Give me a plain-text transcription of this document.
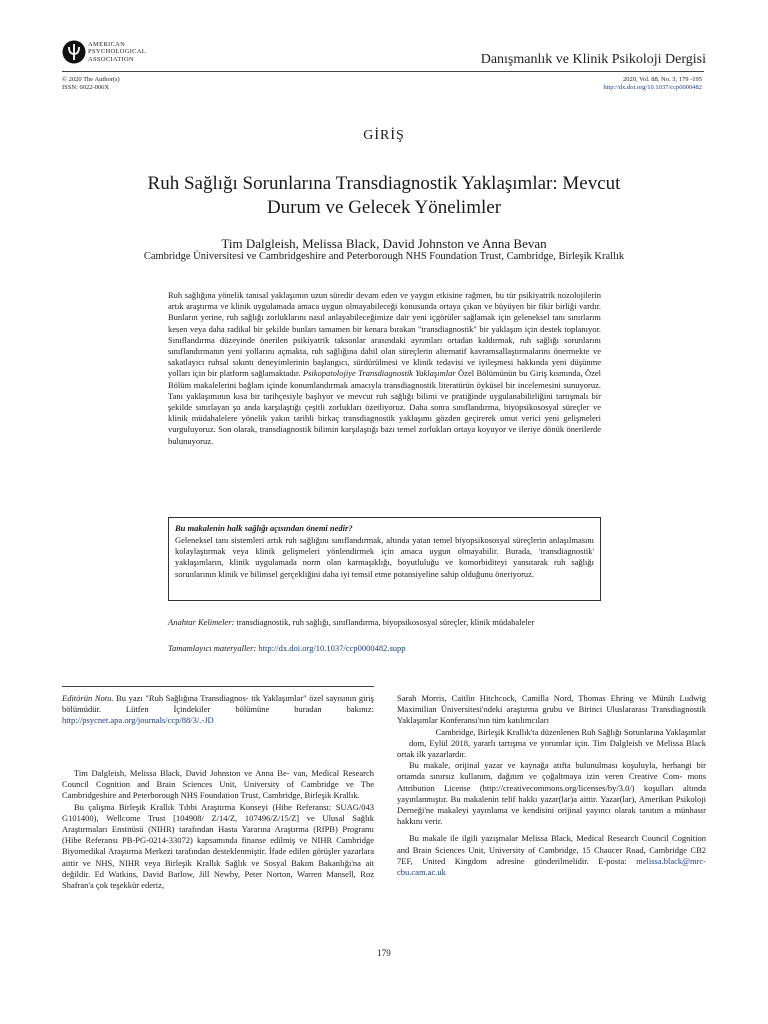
AMERICAN
PSYCHOLOGICAL
ASSOCIATION	Danışmanlık ve Klinik Psikoloji Dergisi
© 2020 The Author(s)
ISSN: 0022-006X
2020, Vol. 88, No. 3, 179 -195
http://dx.doi.org/10.1037/ccp0000482
GİRİŞ
Ruh Sağlığı Sorunlarına Transdiagnostik Yaklaşımlar: Mevcut
Durum ve Gelecek Yönelimler
Tim Dalgleish, Melissa Black, David Johnston ve Anna Bevan
Cambridge Üniversitesi ve Cambridgeshire and Peterborough NHS Foundation Trust, Cambridge, Birleşik Krallık
Ruh sağlığına yönelik tanısal yaklaşımın uzun süredir devam eden ve yaygın etkisine rağmen, bu tür psikiyatrik nozolojilerin artık araştırma ve klinik uygulamada amaca uygun olmayabileceği konusunda ortaya çıkan ve büyüyen bir fikir birliği vardır. Bunların yerine, ruh sağlığı zorluklarını nasıl anlayabileceğimize dair yeni içgörüler sağlamak için geleneksel tanı sınırlarını kesen veya daha radikal bir şekilde bunları tamamen bir kenara bırakan "transdiagnostik" bir yaklaşım için destek toplanıyor. Sınıflandırma düzeyinde önerilen psikiyatrik taksonlar arasındaki ayrımları ortadan kaldırmak, ruh sağlığı sorunlarını sınıflandırmanın yeni yollarını açmakta, ruh sağlığına dahil olan süreçlerin alternatif kavramsallaştırmalarını önermekte ve sakatlayıcı ruhsal sıkıntı deneyimlerinin başlangıcı, sürdürülmesi ve klinik tedavisi ve iyileşmesi hakkında yeni düşünme yolları için bir platform sağlamaktadır. Psikopatolojiye Transdiagnostik Yaklaşımlar Özel Bölümünün bu Giriş kısmında, Özel Bölüm makalelerini bağlam içinde konumlandırmak amacıyla transdiagnostik literatürün öyküsel bir incelemesini sunuyoruz. Tanı yaklaşımının kısa bir tarihçesiyle başlıyor ve mevcut ruh sağlığı bilimi ve pratiğinde uygulanabilirliğini tartışmalı bir şekilde sınırlayan şu anda karşılaştığı çeşitli zorlukları özetliyoruz. Daha sonra sınıflandırma, biyopsikososyal süreçler ve klinik müdahalelere yönelik yakın tarihli birkaç transdiagnostik yaklaşımı gözden geçirerek umut verici yeni gelişmeleri vurguluyoruz. Son olarak, transdiagnostik bilimin karşılaştığı bazı temel zorlukları ortaya koyuyor ve ileriye dönük önerilerde bulunuyoruz.
Bu makalenin halk sağlığı açısından önemi nedir?
Geleneksel tanı sistemleri artık ruh sağlığını sınıflandırmak, altında yatan temel biyopsikososyal süreçlerin anlaşılmasını kolaylaştırmak veya klinik gelişmeleri yönlendirmek için amaca uygun olmayabilir. Burada, 'transdiagnostik' yaklaşımların, klinik uygulamada norm olan karmaşıklığı, boyutluluğu ve komorbiditeyi yansıtarak ruh sağlığı sorunlarının klinik ve bilimsel gerçekliğini daha iyi temsil etme potansiyeline sahip olduğunu öneriyoruz.
Anahtar Kelimeler: transdiagnostik, ruh sağlığı, sınıflandırma, biyopsikososyal süreçler, klinik müdahaleler
Tamamlayıcı materyaller: http://dx.doi.org/10.1037/ccp0000482.supp

Editörün Notu. Bu yazı "Ruh Sağlığına Transdiagnos- tik Yaklaşımlar" özel sayısının giriş bölümüdür. Lütfen İçindekiler bölümüne buradan bakınız: http://psycnet.apa.org/journals/ccp/88/3/.-JD

Tim Dalgleish, Melissa Black, David Johnston ve Anna Be- van, Medical Research Council Cognition and Brain Sciences Unit, University of Cambridge ve The Cambridgeshire and Peterborough NHS Foundation Trust, Cambridge, Birleşik Krallık.

Bu çalışma Birleşik Krallık Tıbbi Araştırma Konseyi (Hibe Referansı: SUAG/043 G101400), Wellcome Trust [104908/ Z/14/Z, 107496/Z/15/Z] ve Ulusal Sağlık Araştırmaları Enstitüsü (NIHR) tarafından Hasta Yararına Araştırma (RfPB) Programı (Hibe Referansı PB-PG-0214-33072) kapsamında finanse edilmiş ve NIHR Cambridge Biyomedikal Araştırma Merkezi tarafından desteklenmiştir. İfade edilen görüşler yazarlara aittir ve NHS, NIHR veya Birleşik Krallık Sağlık ve Sosyal Bakım Bakanlığı'na ait değildir. Ed Watkins, David Barlow, Jill Newby, Peter Norton, Warren Mansell, Roz Shafran'a çok teşekkür ederiz,

Sarah Morris, Caitlin Hitchcock, Camilla Nord, Thomas Ehring ve Münih Ludwig Maximilian Üniversitesi'ndeki araştırma grubu ve Birinci Uluslararası Transdiagnostik Yaklaşımlar Konferansı'nın tüm katılımcıları

Cambridge, Birleşik Krallık'ta düzenlenen Ruh Sağlığı Sorunlarına Yaklaşımlar

dom, Eylül 2018, yararlı tartışma ve yorumlar için. Tim Dalgleish ve Melissa Black ortak ilk yazarlardır.

Bu makale, orijinal yazar ve kaynağa atıfta bulunulması koşuluyla, herhangi bir ortamda sınırsız kullanım, dağıtım ve çoğaltmaya izin veren Creative Com- mons Attribution License (http://creativecommons.org/licenses/by/3.0/) koşulları altında yayınlanmıştır. Bu makalenin telif hakkı yazar(lar)a aittir. Yazar(lar), Amerikan Psikoloji Derneği'ne makaleyi yayınlama ve kendisini orijinal yayıncı olarak tanıtım a münhasır hakkını verir.

Bu makale ile ilgili yazışmalar Melissa Black, Medical Research Council Cognition and Brain Sciences Unit, University of Cambridge, 15 Chaucer Road, Cambridge CB2 7EF, United Kingdom adresine gönderilmelidir. E-posta: melissa.black@mrc-cbu.cam.ac.uk

179
